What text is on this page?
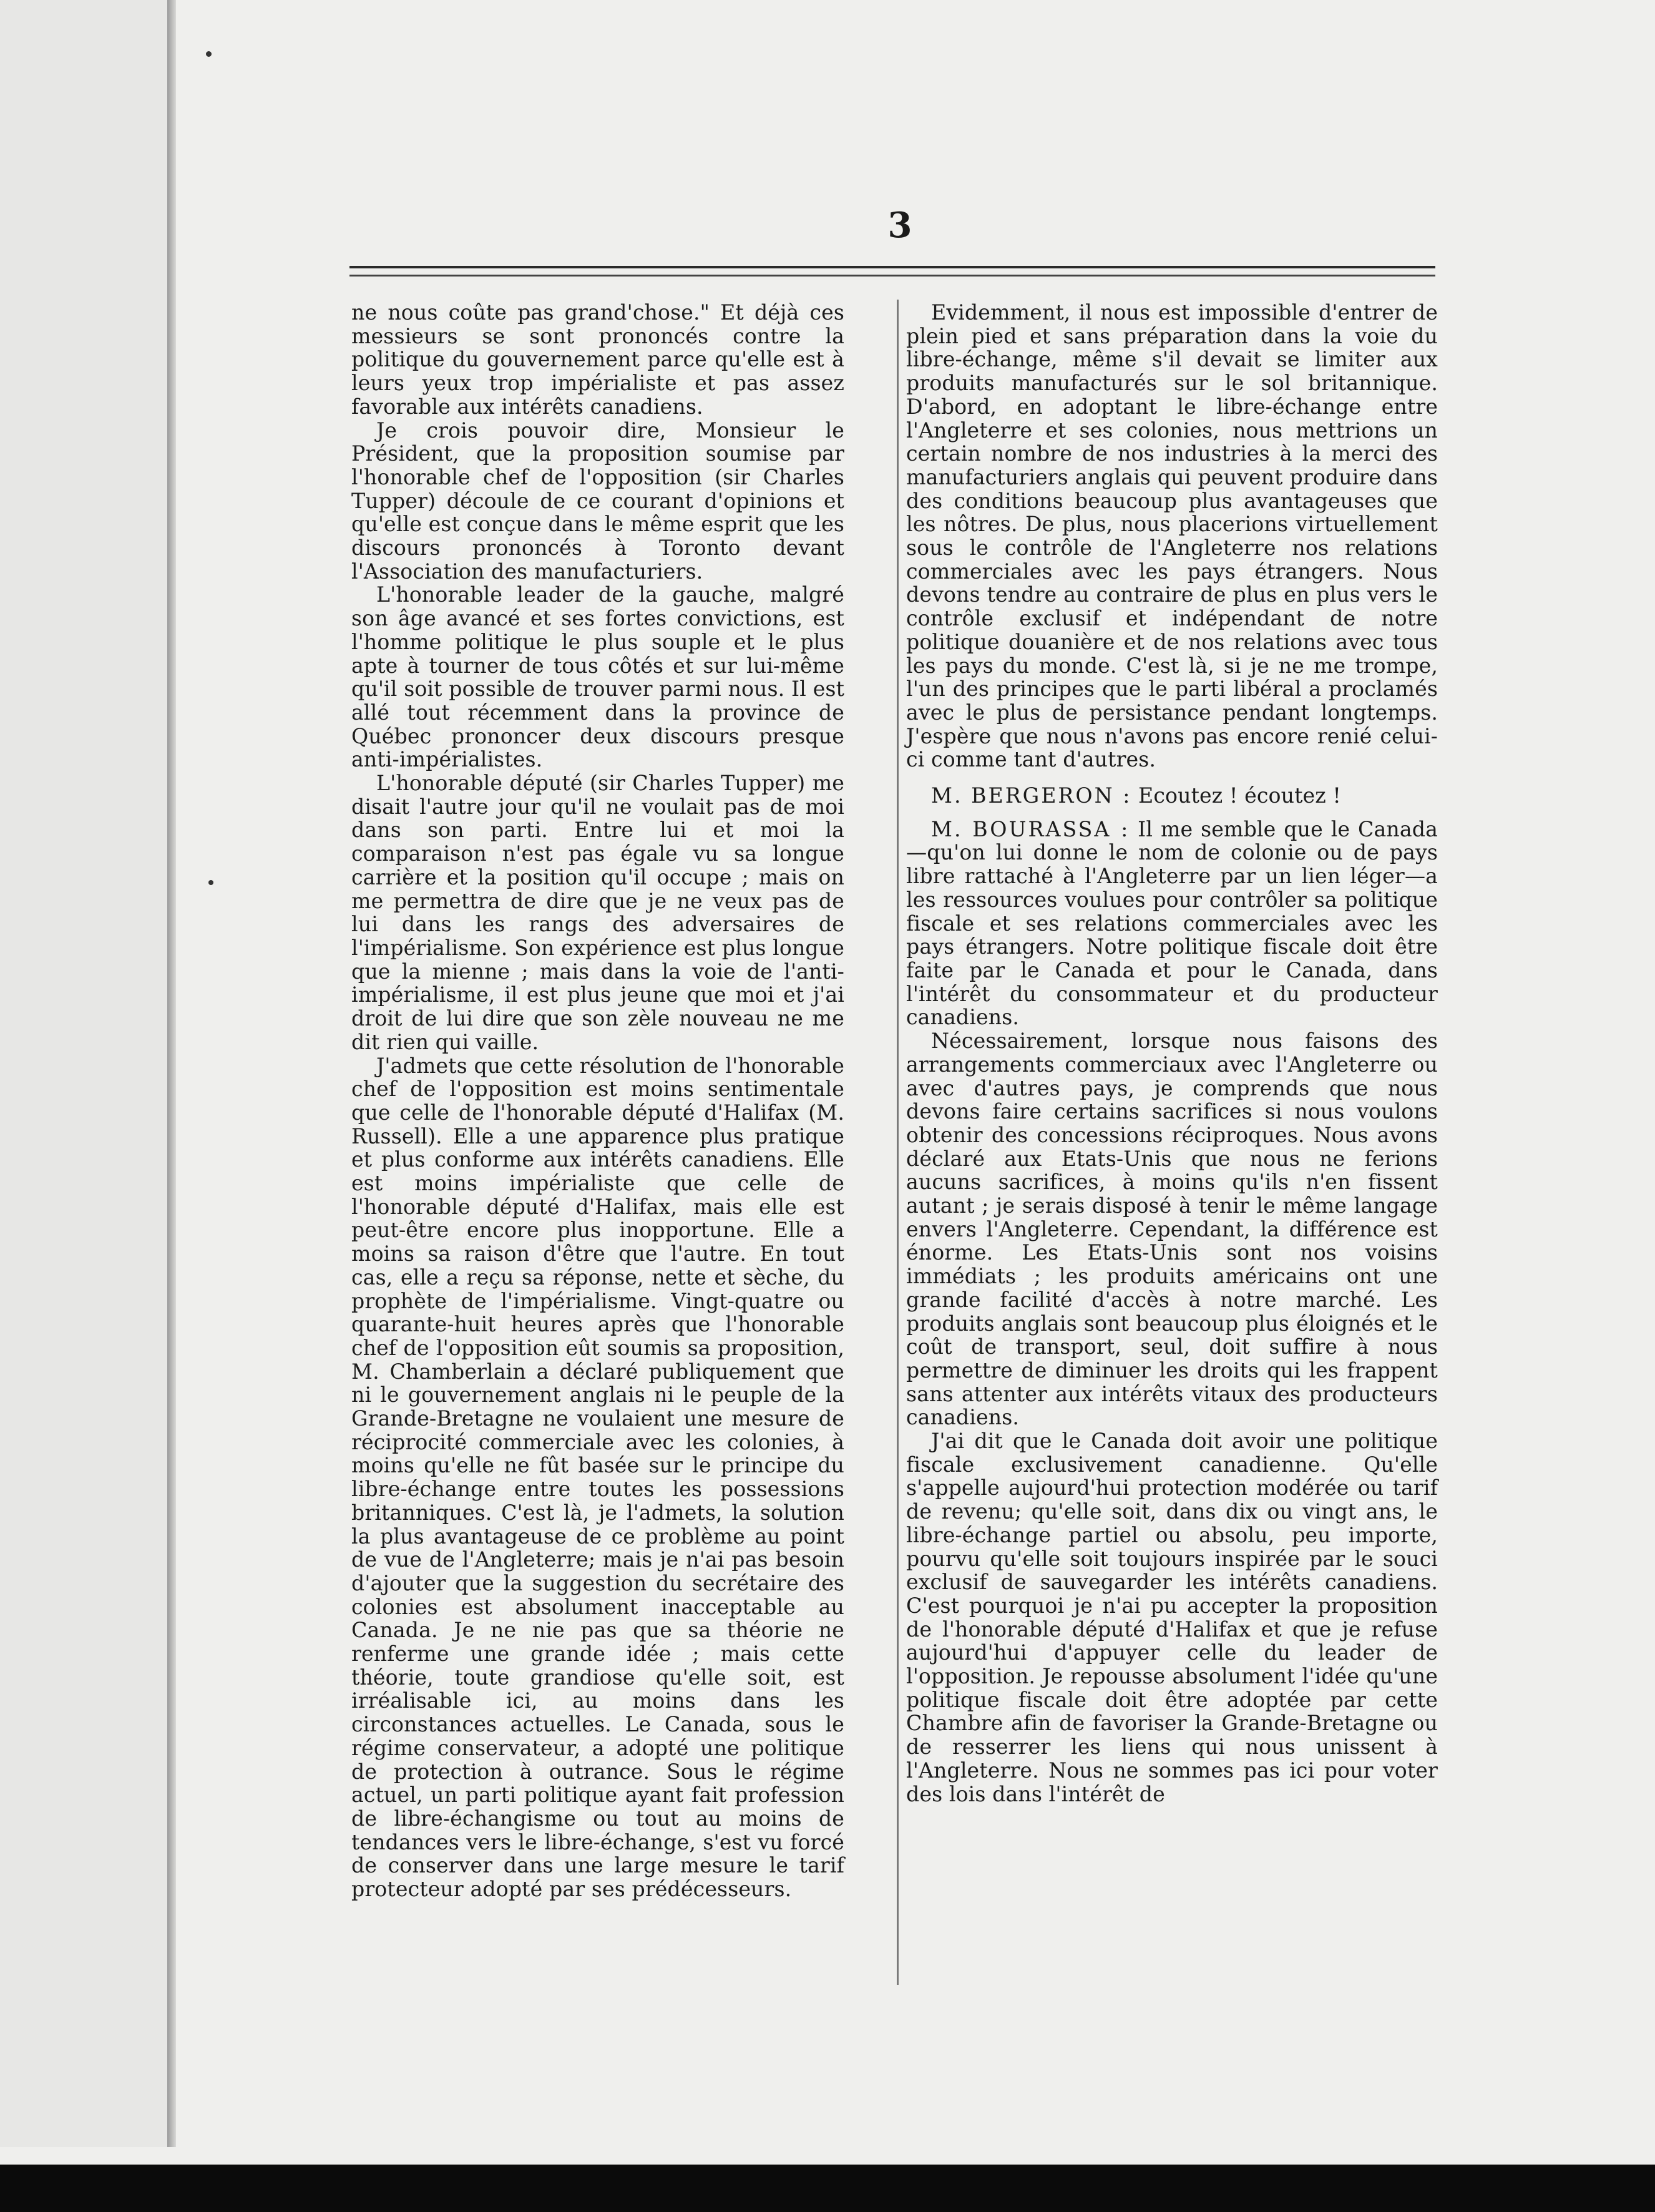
3

ne nous coûte pas grand'chose." Et déjà ces messieurs se sont prononcés contre la politique du gouvernement parce qu'elle est à leurs yeux trop impérialiste et pas assez favorable aux intérêts canadiens.

Je crois pouvoir dire, Monsieur le Président, que la proposition soumise par l'honorable chef de l'opposition (sir Charles Tupper) découle de ce courant d'opinions et qu'elle est conçue dans le même esprit que les discours prononcés à Toronto devant l'Association des manufacturiers.

L'honorable leader de la gauche, malgré son âge avancé et ses fortes convictions, est l'homme politique le plus souple et le plus apte à tourner de tous côtés et sur lui-même qu'il soit possible de trouver parmi nous. Il est allé tout récemment dans la province de Québec prononcer deux discours presque anti-impérialistes.

L'honorable député (sir Charles Tupper) me disait l'autre jour qu'il ne voulait pas de moi dans son parti. Entre lui et moi la comparaison n'est pas égale vu sa longue carrière et la position qu'il occupe ; mais on me permettra de dire que je ne veux pas de lui dans les rangs des adversaires de l'impérialisme. Son expérience est plus longue que la mienne ; mais dans la voie de l'anti-impérialisme, il est plus jeune que moi et j'ai droit de lui dire que son zèle nouveau ne me dit rien qui vaille.

J'admets que cette résolution de l'honorable chef de l'opposition est moins sentimentale que celle de l'honorable député d'Halifax (M. Russell). Elle a une apparence plus pratique et plus conforme aux intérêts canadiens. Elle est moins impérialiste que celle de l'honorable député d'Halifax, mais elle est peut-être encore plus inopportune. Elle a moins sa raison d'être que l'autre. En tout cas, elle a reçu sa réponse, nette et sèche, du prophète de l'impérialisme. Vingt-quatre ou quarante-huit heures après que l'honorable chef de l'opposition eût soumis sa proposition, M. Chamberlain a déclaré publiquement que ni le gouvernement anglais ni le peuple de la Grande-Bretagne ne voulaient une mesure de réciprocité commerciale avec les colonies, à moins qu'elle ne fût basée sur le principe du libre-échange entre toutes les possessions britanniques. C'est là, je l'admets, la solution la plus avantageuse de ce problème au point de vue de l'Angleterre; mais je n'ai pas besoin d'ajouter que la suggestion du secrétaire des colonies est absolument inacceptable au Canada. Je ne nie pas que sa théorie ne renferme une grande idée ; mais cette théorie, toute grandiose qu'elle soit, est irréalisable ici, au moins dans les circonstances actuelles. Le Canada, sous le régime conservateur, a adopté une politique de protection à outrance. Sous le régime actuel, un parti politique ayant fait profession de libre-échangisme ou tout au moins de tendances vers le libre-échange, s'est vu forcé de conserver dans une large mesure le tarif protecteur adopté par ses prédécesseurs.

Evidemment, il nous est impossible d'entrer de plein pied et sans préparation dans la voie du libre-échange, même s'il devait se limiter aux produits manufacturés sur le sol britannique. D'abord, en adoptant le libre-échange entre l'Angleterre et ses colonies, nous mettrions un certain nombre de nos industries à la merci des manufacturiers anglais qui peuvent produire dans des conditions beaucoup plus avantageuses que les nôtres. De plus, nous placerions virtuellement sous le contrôle de l'Angleterre nos relations commerciales avec les pays étrangers. Nous devons tendre au contraire de plus en plus vers le contrôle exclusif et indépendant de notre politique douanière et de nos relations avec tous les pays du monde. C'est là, si je ne me trompe, l'un des principes que le parti libéral a proclamés avec le plus de persistance pendant longtemps. J'espère que nous n'avons pas encore renié celui-ci comme tant d'autres.

M. BERGERON : Ecoutez ! écoutez !

M. BOURASSA : Il me semble que le Canada—qu'on lui donne le nom de colonie ou de pays libre rattaché à l'Angleterre par un lien léger—a les ressources voulues pour contrôler sa politique fiscale et ses relations commerciales avec les pays étrangers. Notre politique fiscale doit être faite par le Canada et pour le Canada, dans l'intérêt du consommateur et du producteur canadiens.

Nécessairement, lorsque nous faisons des arrangements commerciaux avec l'Angleterre ou avec d'autres pays, je comprends que nous devons faire certains sacrifices si nous voulons obtenir des concessions réciproques. Nous avons déclaré aux Etats-Unis que nous ne ferions aucuns sacrifices, à moins qu'ils n'en fissent autant ; je serais disposé à tenir le même langage envers l'Angleterre. Cependant, la différence est énorme. Les Etats-Unis sont nos voisins immédiats ; les produits américains ont une grande facilité d'accès à notre marché. Les produits anglais sont beaucoup plus éloignés et le coût de transport, seul, doit suffire à nous permettre de diminuer les droits qui les frappent sans attenter aux intérêts vitaux des producteurs canadiens.

J'ai dit que le Canada doit avoir une politique fiscale exclusivement canadienne. Qu'elle s'appelle aujourd'hui protection modérée ou tarif de revenu; qu'elle soit, dans dix ou vingt ans, le libre-échange partiel ou absolu, peu importe, pourvu qu'elle soit toujours inspirée par le souci exclusif de sauvegarder les intérêts canadiens. C'est pourquoi je n'ai pu accepter la proposition de l'honorable député d'Halifax et que je refuse aujourd'hui d'appuyer celle du leader de l'opposition. Je repousse absolument l'idée qu'une politique fiscale doit être adoptée par cette Chambre afin de favoriser la Grande-Bretagne ou de resserrer les liens qui nous unissent à l'Angleterre. Nous ne sommes pas ici pour voter des lois dans l'intérêt de
